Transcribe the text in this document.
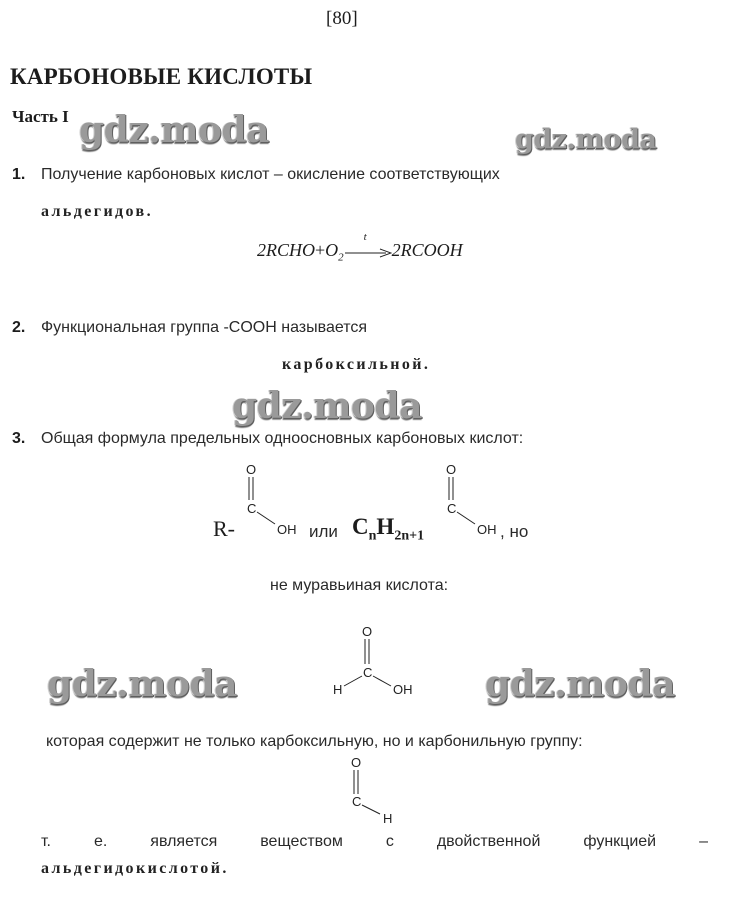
[80]
КАРБОНОВЫЕ КИСЛОТЫ
Часть I gdz.moda	gdz.moda
gdz.moda
gdz.moda	gdz.moda
1. Получение карбоновых кислот – окисление соответствующих
альдегидов.
$2RCHO+O_2$
t
2RCOOH
2. Функциональная группа -COOH называется
карбоксильной.
3. Общая формула предельных одноосновных карбоновых кислот:
R-
O
C
OH или $C_nH_{2n+1}$
O
C
OH , но
не муравьиная кислота:
O
C
H	OH
которая содержит не только карбоксильную, но и карбонильную группу:
O
C
H
т.	е.	является	веществом	с	двойственной	функцией	–
альдегидокислотой.
